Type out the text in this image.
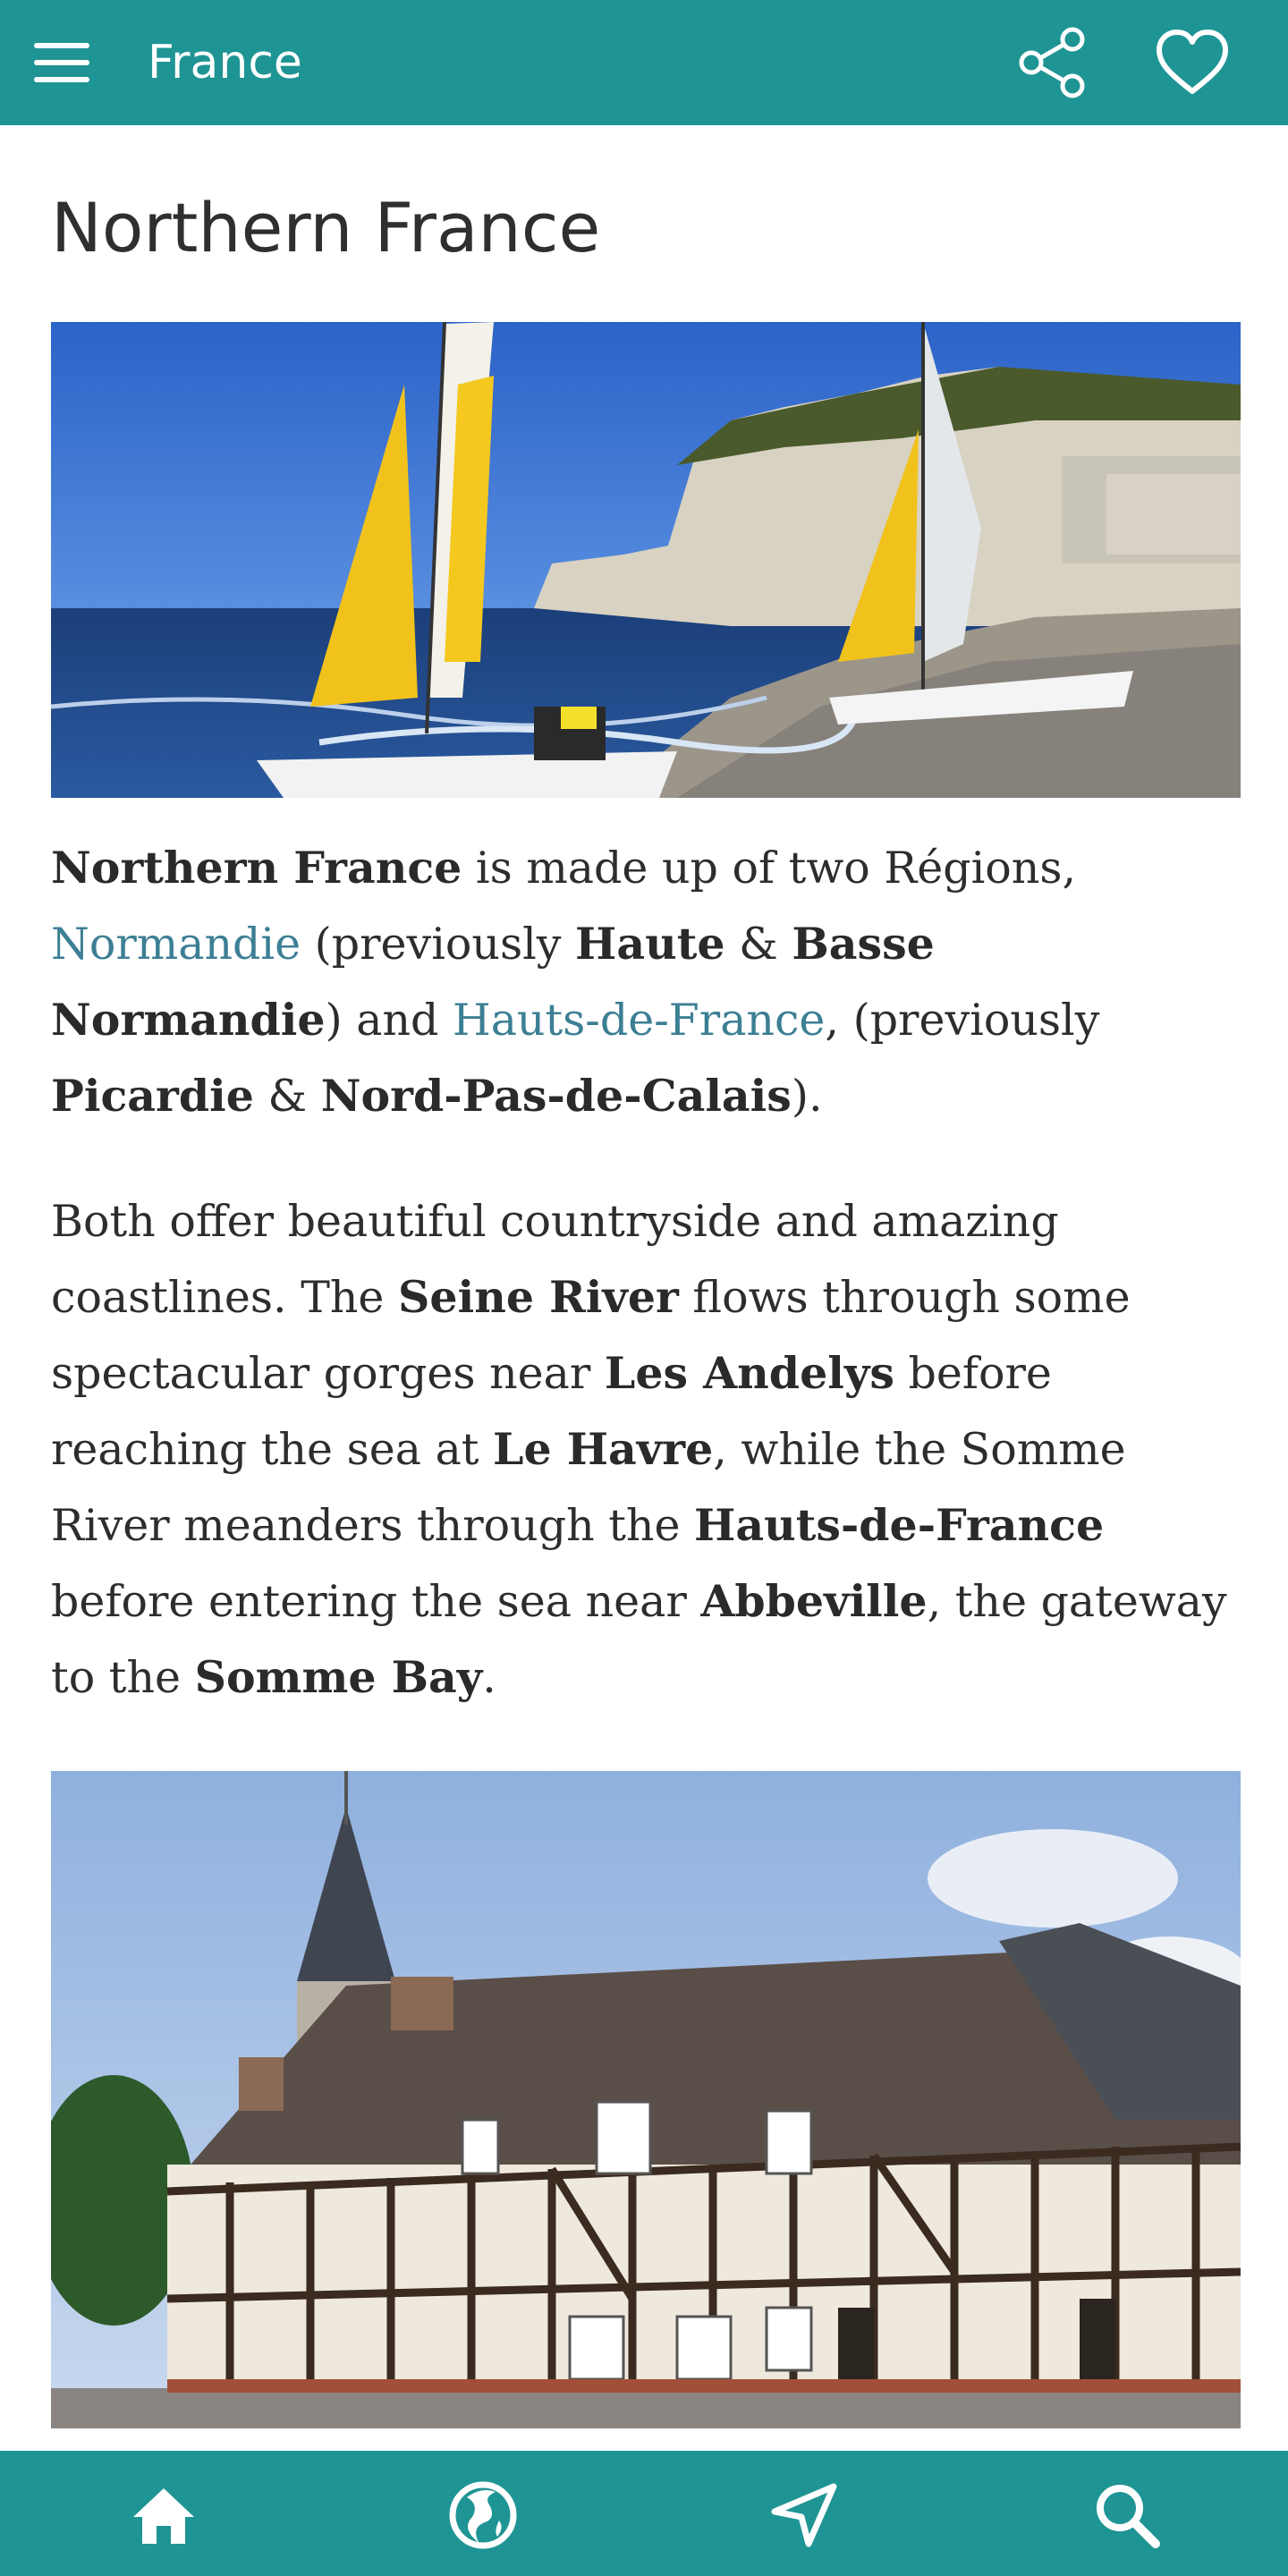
France
Northern France

Northern France is made up of two Régions, Normandie (previously Haute & Basse Normandie) and Hauts-de-France, (previously Picardie & Nord-Pas-de-Calais).

Both offer beautiful countryside and amazing coastlines. The Seine River flows through some spectacular gorges near Les Andelys before reaching the sea at Le Havre, while the Somme River meanders through the Hauts-de-France before entering the sea near Abbeville, the gateway to the Somme Bay.
